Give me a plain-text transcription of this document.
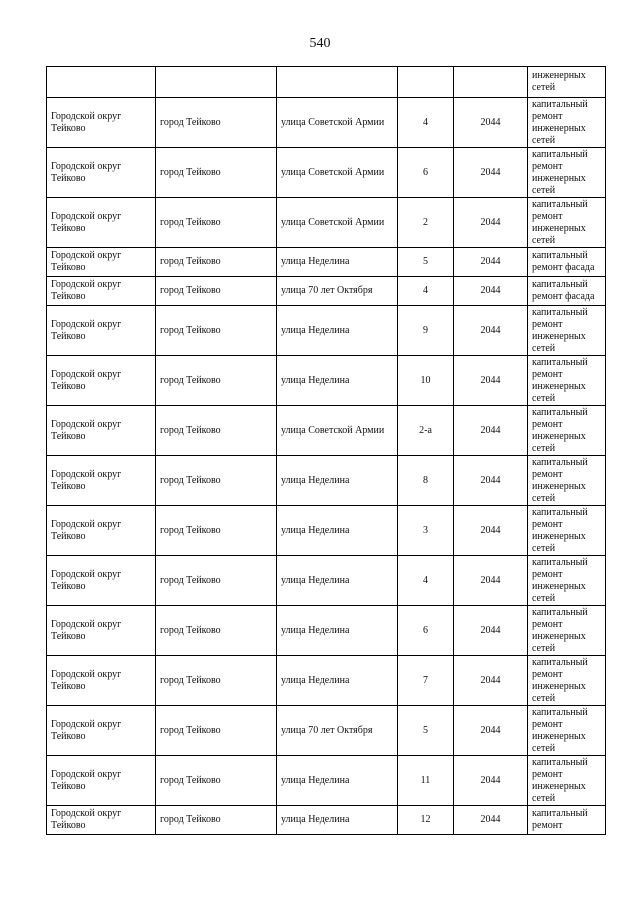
540
					инженерных сетей
Городской округ Тейково	город Тейково	улица Советской Армии	4	2044	капитальный ремонт инженерных сетей
Городской округ Тейково	город Тейково	улица Советской Армии	6	2044	капитальный ремонт инженерных сетей
Городской округ Тейково	город Тейково	улица Советской Армии	2	2044	капитальный ремонт инженерных сетей
Городской округ Тейково	город Тейково	улица Неделина	5	2044	капитальный ремонт фасада
Городской округ Тейково	город Тейково	улица 70 лет Октября	4	2044	капитальный ремонт фасада
Городской округ Тейково	город Тейково	улица Неделина	9	2044	капитальный ремонт инженерных сетей
Городской округ Тейково	город Тейково	улица Неделина	10	2044	капитальный ремонт инженерных сетей
Городской округ Тейково	город Тейково	улица Советской Армии	2-а	2044	капитальный ремонт инженерных сетей
Городской округ Тейково	город Тейково	улица Неделина	8	2044	капитальный ремонт инженерных сетей
Городской округ Тейково	город Тейково	улица Неделина	3	2044	капитальный ремонт инженерных сетей
Городской округ Тейково	город Тейково	улица Неделина	4	2044	капитальный ремонт инженерных сетей
Городской округ Тейково	город Тейково	улица Неделина	6	2044	капитальный ремонт инженерных сетей
Городской округ Тейково	город Тейково	улица Неделина	7	2044	капитальный ремонт инженерных сетей
Городской округ Тейково	город Тейково	улица 70 лет Октября	5	2044	капитальный ремонт инженерных сетей
Городской округ Тейково	город Тейково	улица Неделина	11	2044	капитальный ремонт инженерных сетей
Городской округ Тейково	город Тейково	улица Неделина	12	2044	капитальный ремонт
